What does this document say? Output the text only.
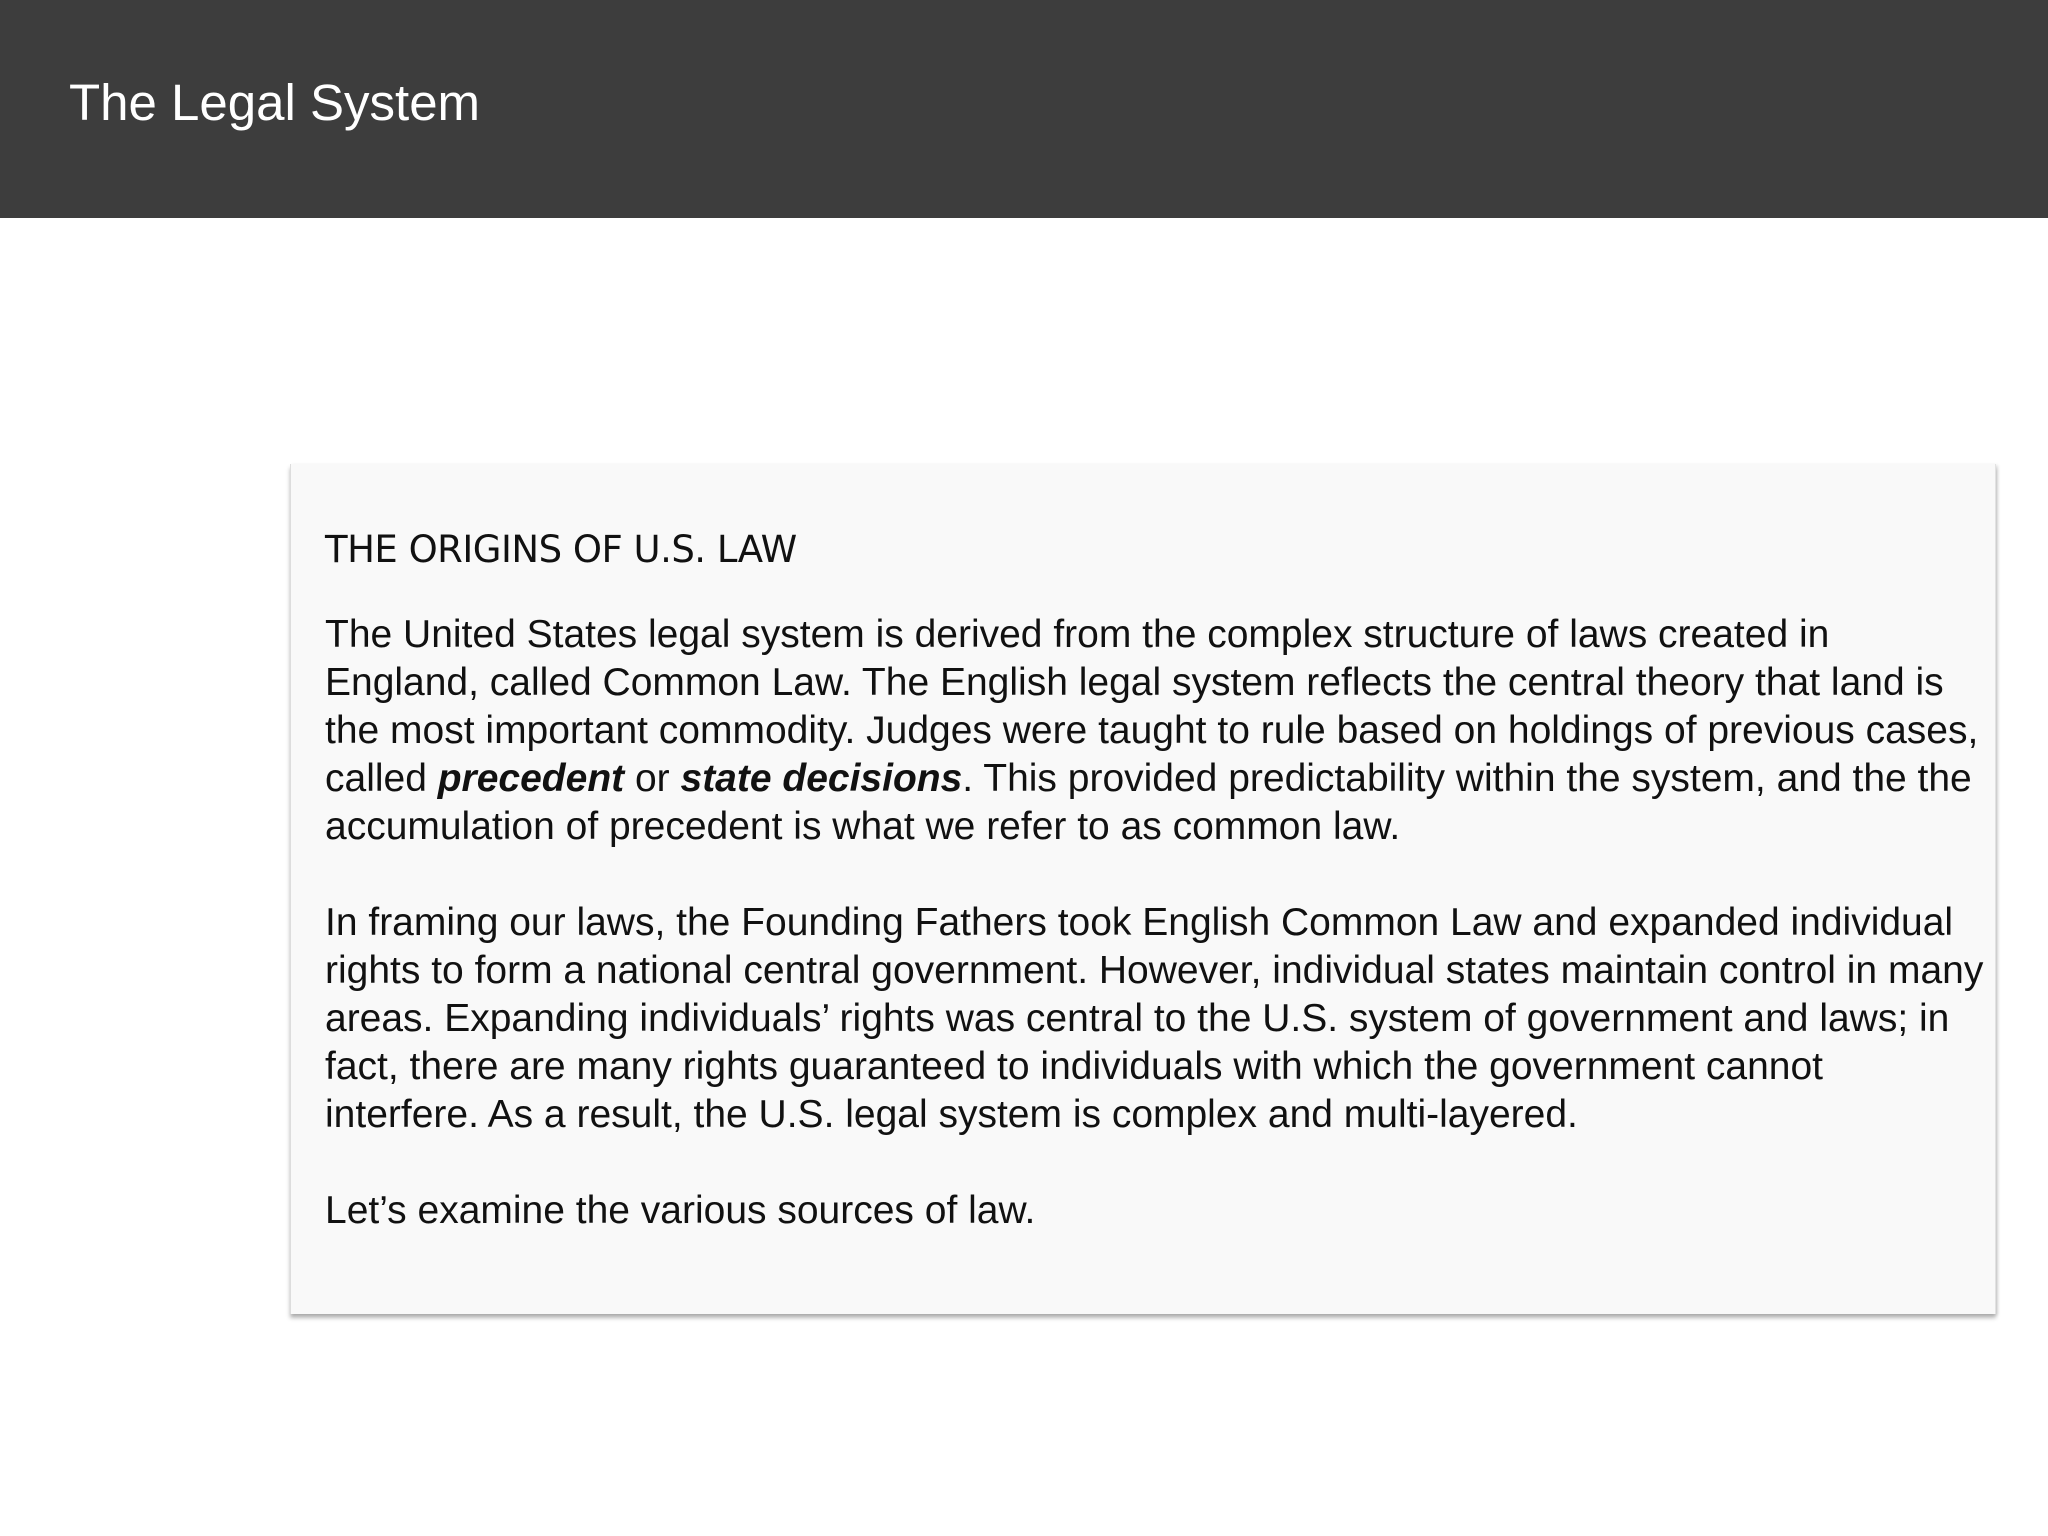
The Legal System
THE ORIGINS OF U.S. LAW

The United States legal system is derived from the complex structure of laws created in England, called Common Law. The English legal system reflects the central theory that land is the most important commodity. Judges were taught to rule based on holdings of previous cases, called precedent or state decisions. This provided predictability within the system, and the the accumulation of precedent is what we refer to as common law.

In framing our laws, the Founding Fathers took English Common Law and expanded individual rights to form a national central government. However, individual states maintain control in many areas. Expanding individuals’ rights was central to the U.S. system of government and laws; in fact, there are many rights guaranteed to individuals with which the government cannot interfere. As a result, the U.S. legal system is complex and multi-layered.

Let’s examine the various sources of law.
